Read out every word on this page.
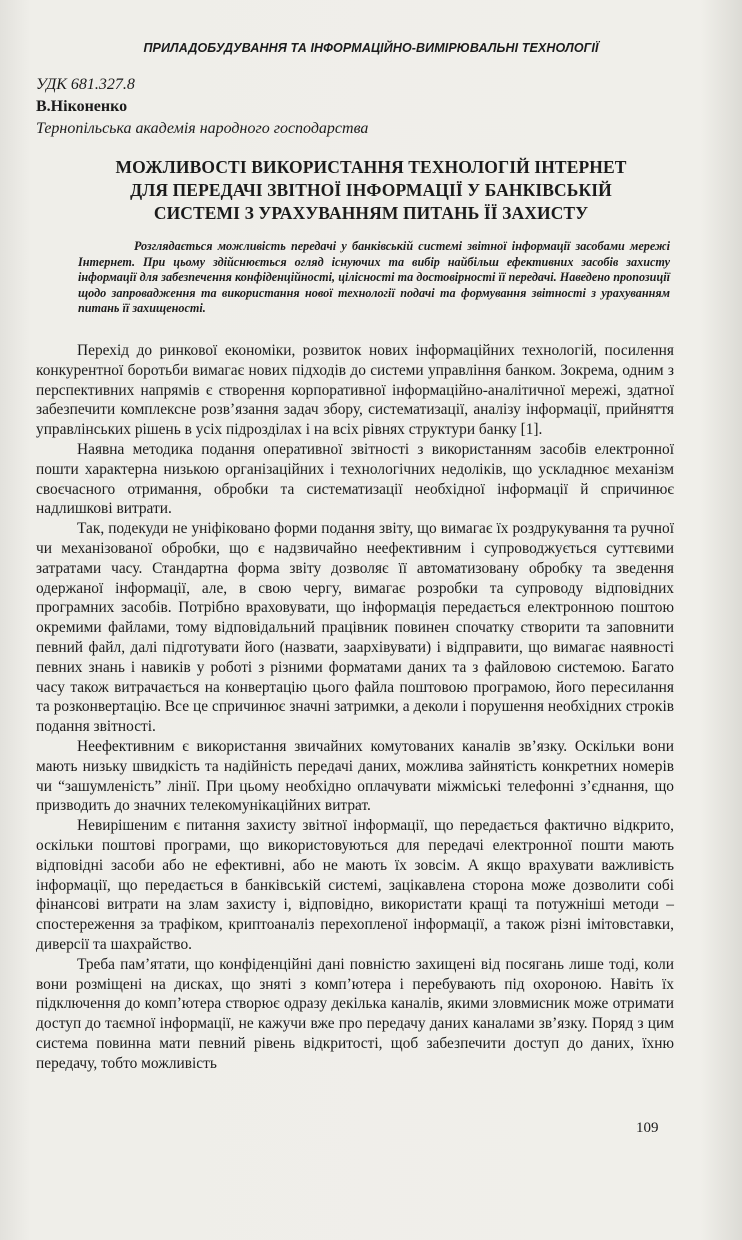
ПРИЛАДОБУДУВАННЯ ТА ІНФОРМАЦІЙНО-ВИМІРЮВАЛЬНІ ТЕХНОЛОГІЇ
УДК 681.327.8
В.Ніконенко
Тернопільська академія народного господарства
МОЖЛИВОСТІ ВИКОРИСТАННЯ ТЕХНОЛОГІЙ ІНТЕРНЕТ
ДЛЯ ПЕРЕДАЧІ ЗВІТНОЇ ІНФОРМАЦІЇ У БАНКІВСЬКІЙ
СИСТЕМІ З УРАХУВАННЯМ ПИТАНЬ ЇЇ ЗАХИСТУ
Розглядається можливість передачі у банківській системі звітної інформації засобами мережі Інтернет. При цьому здійснюється огляд існуючих та вибір найбільш ефективних засобів захисту інформації для забезпечення конфіденційності, цілісності та достовірності її передачі. Наведено пропозиції щодо запровадження та використання нової технології подачі та формування звітності з урахуванням питань її захищеності.

Перехід до ринкової економіки, розвиток нових інформаційних технологій, посилення конкурентної боротьби вимагає нових підходів до системи управління банком. Зокрема, одним з перспективних напрямів є створення корпоративної інформаційно-аналітичної мережі, здатної забезпечити комплексне розв’язання задач збору, систематизації, аналізу інформації, прийняття управлінських рішень в усіх підрозділах і на всіх рівнях структури банку [1].

Наявна методика подання оперативної звітності з використанням засобів електронної пошти характерна низькою організаційних і технологічних недоліків, що ускладнює механізм своєчасного отримання, обробки та систематизації необхідної інформації й спричинює надлишкові витрати.

Так, подекуди не уніфіковано форми подання звіту, що вимагає їх роздрукування та ручної чи механізованої обробки, що є надзвичайно неефективним і супроводжується суттєвими затратами часу. Стандартна форма звіту дозволяє її автоматизовану обробку та зведення одержаної інформації, але, в свою чергу, вимагає розробки та супроводу відповідних програмних засобів. Потрібно враховувати, що інформація передається електронною поштою окремими файлами, тому відповідальний працівник повинен спочатку створити та заповнити певний файл, далі підготувати його (назвати, заархівувати) і відправити, що вимагає наявності певних знань і навиків у роботі з різними форматами даних та з файловою системою. Багато часу також витрачається на конвертацію цього файла поштовою програмою, його пересилання та розконвертацію. Все це спричинює значні затримки, а деколи і порушення необхідних строків подання звітності.

Неефективним є використання звичайних комутованих каналів зв’язку. Оскільки вони мають низьку швидкість та надійність передачі даних, можлива зайнятість конкретних номерів чи “зашумленість” лінії. При цьому необхідно оплачувати міжміські телефонні з’єднання, що призводить до значних телекомунікаційних витрат.

Невирішеним є питання захисту звітної інформації, що передається фактично відкрито, оскільки поштові програми, що використовуються для передачі електронної пошти мають відповідні засоби або не ефективні, або не мають їх зовсім. А якщо врахувати важливість інформації, що передається в банківській системі, зацікавлена сторона може дозволити собі фінансові витрати на злам захисту і, відповідно, використати кращі та потужніші методи – спостереження за трафіком, криптоаналіз перехопленої інформації, а також різні імітовставки, диверсії та шахрайство.

Треба пам’ятати, що конфіденційні дані повністю захищені від посягань лише тоді, коли вони розміщені на дисках, що зняті з комп’ютера і перебувають під охороною. Навіть їх підключення до комп’ютера створює одразу декілька каналів, якими зловмисник може отримати доступ до таємної інформації, не кажучи вже про передачу даних каналами зв’язку. Поряд з цим система повинна мати певний рівень відкритості, щоб забезпечити доступ до даних, їхню передачу, тобто можливість

109
